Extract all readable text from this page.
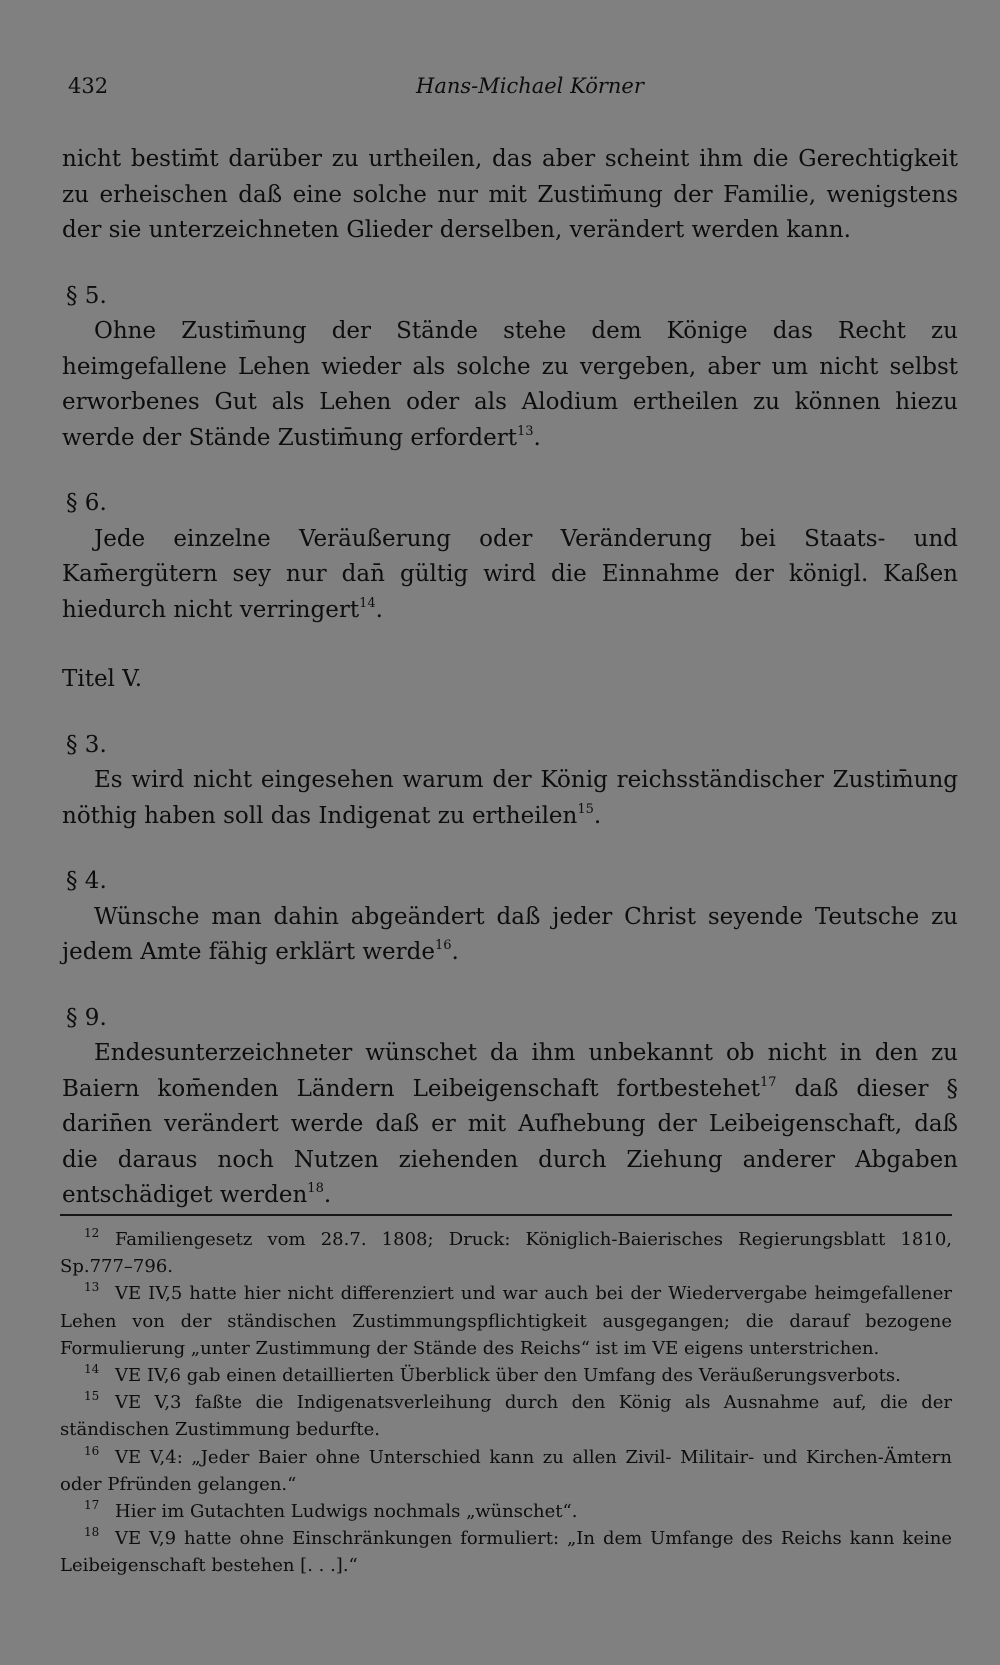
432	Hans-Michael Körner

nicht bestim̄t darüber zu urtheilen, das aber scheint ihm die Gerechtigkeit zu erheischen daß eine solche nur mit Zustim̄ung der Familie, wenigstens der sie unterzeichneten Glieder derselben, verändert werden kann.

§ 5.

Ohne Zustim̄ung der Stände stehe dem Könige das Recht zu heimgefallene Lehen wieder als solche zu vergeben, aber um nicht selbst erworbenes Gut als Lehen oder als Alodium ertheilen zu können hiezu werde der Stände Zustim̄ung erfordert$^{13}$.

§ 6.

Jede einzelne Veräußerung oder Veränderung bei Staats- und Kam̄ergütern sey nur dan̄ gültig wird die Einnahme der königl. Kaßen hiedurch nicht verringert$^{14}$.

Titel V.

§ 3.

Es wird nicht eingesehen warum der König reichsständischer Zustim̄ung nöthig haben soll das Indigenat zu ertheilen$^{15}$.

§ 4.

Wünsche man dahin abgeändert daß jeder Christ seyende Teutsche zu jedem Amte fähig erklärt werde$^{16}$.

§ 9.

Endesunterzeichneter wünschet da ihm unbekannt ob nicht in den zu Baiern kom̄enden Ländern Leibeigenschaft fortbestehet$^{17}$ daß dieser § darin̄en verändert werde daß er mit Aufhebung der Leibeigenschaft, daß die daraus noch Nutzen ziehenden durch Ziehung anderer Abgaben entschädiget werden$^{18}$.

12 Familiengesetz vom 28.7. 1808; Druck: Königlich-Baierisches Regierungsblatt 1810, Sp.777–796.

13 VE IV,5 hatte hier nicht differenziert und war auch bei der Wiedervergabe heimgefallener Lehen von der ständischen Zustimmungspflichtigkeit ausgegangen; die darauf bezogene Formulierung „unter Zustimmung der Stände des Reichs“ ist im VE eigens unterstrichen.

14 VE IV,6 gab einen detaillierten Überblick über den Umfang des Veräußerungsverbots.

15 VE V,3 faßte die Indigenatsverleihung durch den König als Ausnahme auf, die der ständischen Zustimmung bedurfte.

16 VE V,4: „Jeder Baier ohne Unterschied kann zu allen Zivil- Militair- und Kirchen-Ämtern oder Pfründen gelangen.“

17 Hier im Gutachten Ludwigs nochmals „wünschet“.

18 VE V,9 hatte ohne Einschränkungen formuliert: „In dem Umfange des Reichs kann keine Leibeigenschaft bestehen [. . .].“
